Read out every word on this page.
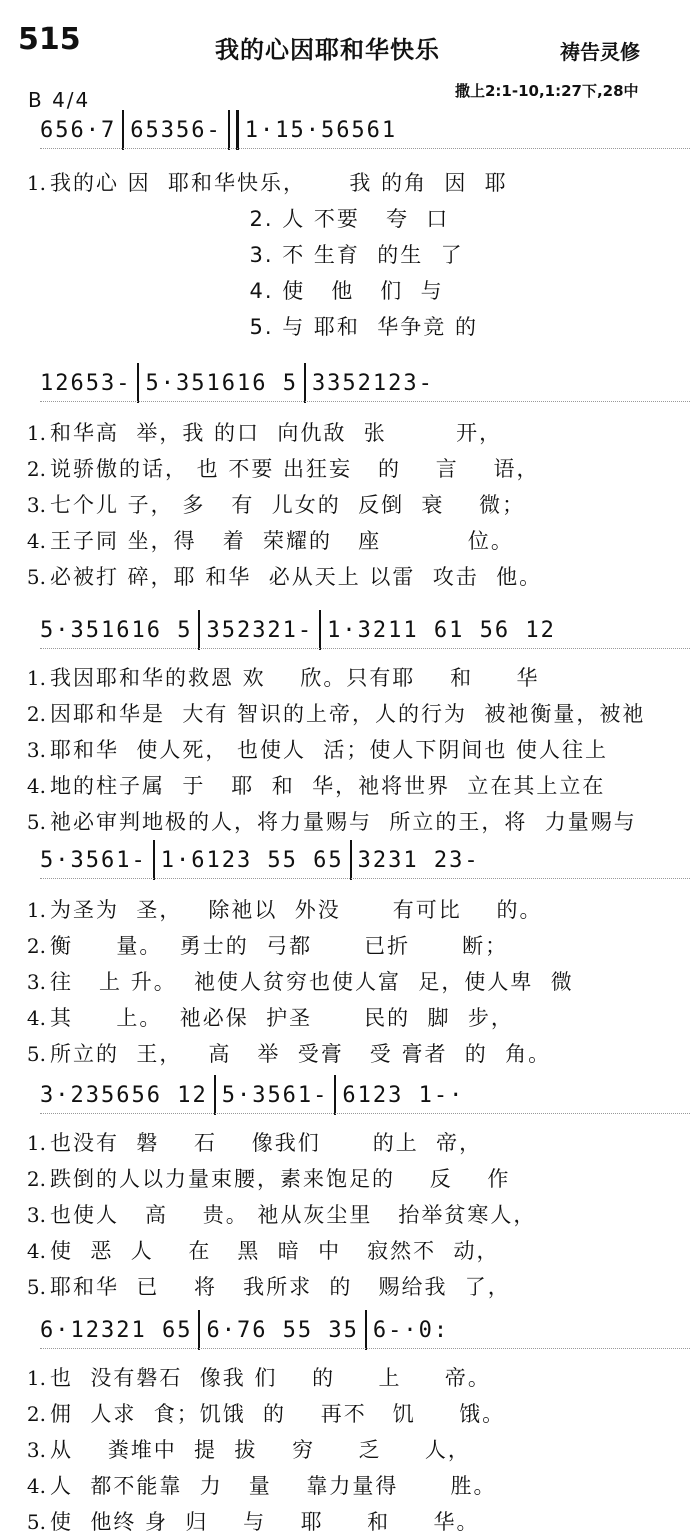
515	我的心因耶和华快乐	祷告灵修
B 4/4	撒上2:1-10,1:27下,28中
656·7 65356- 1·15·56561
1. 我的心 因  耶和华快乐，     我 的角  因  耶
2. 人 不要   夸  口
3. 不 生育  的生  了
4. 使   他   们  与
5. 与 耶和  华争竞 的
12653- 5·351616 5 3352123-
1. 和华高  举，我 的口  向仇敌  张        开，
2. 说骄傲的话， 也 不要 出狂妄   的    言    语，
3. 七个儿 子， 多   有  儿女的  反倒  衰    微；
4. 王子同 坐，得   着  荣耀的   座          位。
5. 必被打 碎，耶 和华  必从天上 以雷  攻击  他。
5·351616 5 352321- 1·3211 61 56 12
1. 我因耶和华的救恩 欢    欣。只有耶    和     华
2. 因耶和华是  大有 智识的上帝，人的行为  被祂衡量，被祂
3. 耶和华  使人死， 也使人  活；使人下阴间也 使人往上
4. 地的柱子属  于   耶  和  华，祂将世界  立在其上立在
5. 祂必审判地极的人，将力量赐与  所立的王，将  力量赐与
5·3561- 1·6123 55 65 3231 23-
1. 为圣为  圣，   除祂以  外没      有可比    的。
2. 衡     量。  勇士的  弓都      已折      断；
3. 往   上 升。  祂使人贫穷也使人富  足，使人卑  微
4. 其     上。  祂必保  护圣      民的  脚  步，
5. 所立的  王，   高   举  受膏   受 膏者  的  角。
3·235656 12 5·3561- 6123 1-·
1. 也没有  磐    石    像我们      的上  帝，
2. 跌倒的人以力量束腰，素来饱足的    反    作
3. 也使人   高    贵。 祂从灰尘里   抬举贫寒人，
4. 使  恶  人    在   黑  暗  中   寂然不  动，
5. 耶和华  已    将   我所求  的   赐给我  了，
6·12321 65 6·76 55 35 6-·0:
1. 也  没有磐石  像我 们    的     上     帝。
2. 佣  人求  食；饥饿  的    再不   饥     饿。
3. 从    粪堆中  提  拔    穷     乏     人，
4. 人  都不能靠  力   量    靠力量得      胜。
5. 使  他终 身  归    与    耶     和     华。
